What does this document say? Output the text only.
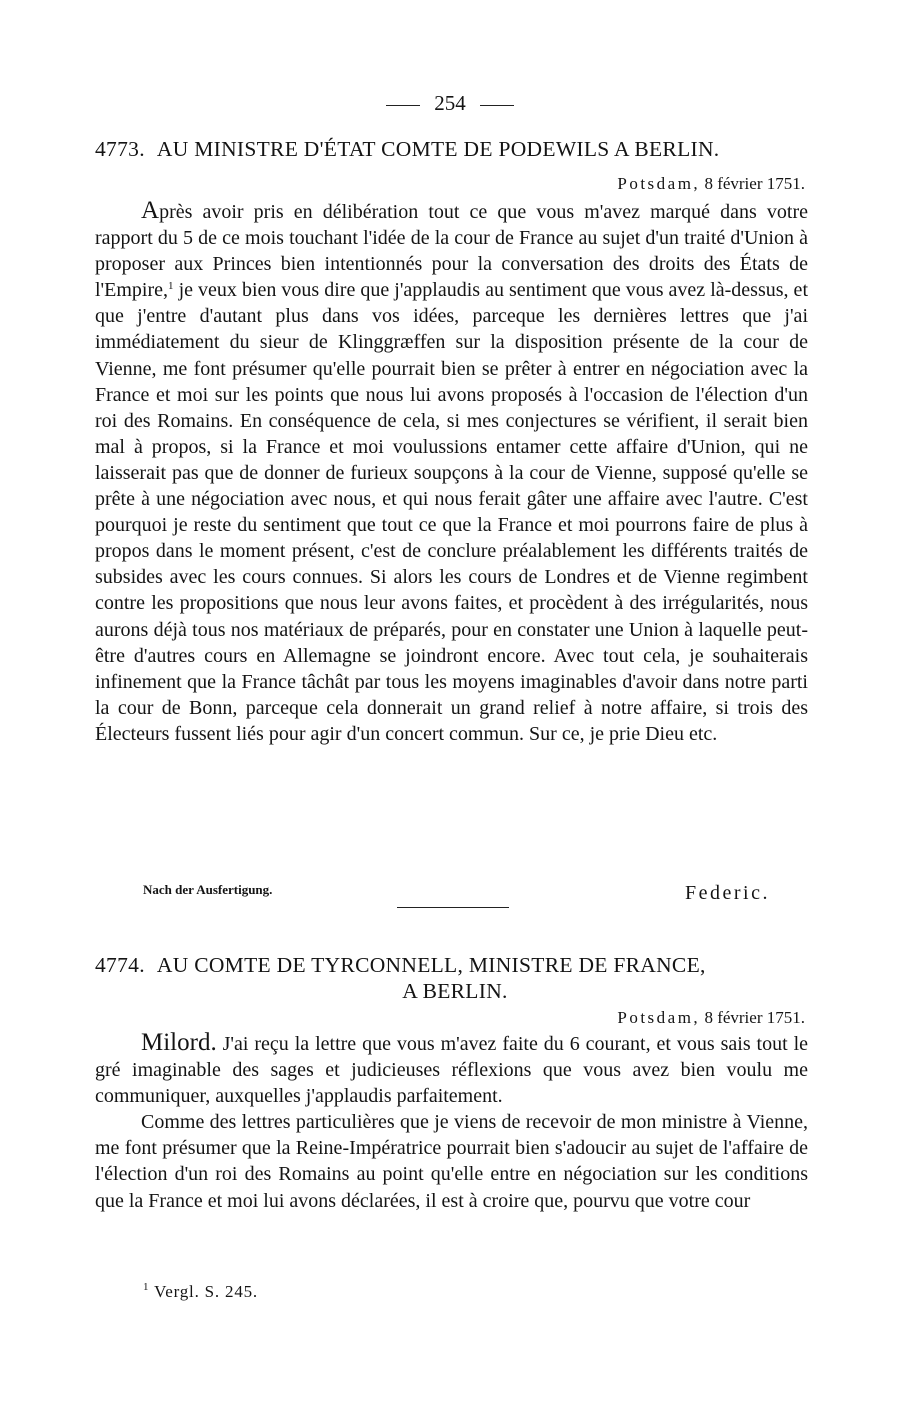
254
4773. AU MINISTRE D'ÉTAT COMTE DE PODEWILS A BERLIN.
Potsdam, 8 février 1751.

Après avoir pris en délibération tout ce que vous m'avez marqué dans votre rapport du 5 de ce mois touchant l'idée de la cour de France au sujet d'un traité d'Union à proposer aux Princes bien intentionnés pour la conversation des droits des États de l'Empire,$^1$ je veux bien vous dire que j'applaudis au sentiment que vous avez là-dessus, et que j'entre d'autant plus dans vos idées, parceque les dernières lettres que j'ai immédiatement du sieur de Klinggræffen sur la disposition présente de la cour de Vienne, me font présumer qu'elle pourrait bien se prêter à entrer en négociation avec la France et moi sur les points que nous lui avons proposés à l'occasion de l'élection d'un roi des Romains. En conséquence de cela, si mes conjectures se vérifient, il serait bien mal à propos, si la France et moi voulussions entamer cette affaire d'Union, qui ne laisserait pas que de donner de furieux soupçons à la cour de Vienne, supposé qu'elle se prête à une négociation avec nous, et qui nous ferait gâter une affaire avec l'autre. C'est pourquoi je reste du sentiment que tout ce que la France et moi pourrons faire de plus à propos dans le moment présent, c'est de conclure préalablement les différents traités de subsides avec les cours connues. Si alors les cours de Londres et de Vienne regimbent contre les propositions que nous leur avons faites, et procèdent à des irrégularités, nous aurons déjà tous nos matériaux de préparés, pour en constater une Union à laquelle peut-être d'autres cours en Allemagne se joindront encore. Avec tout cela, je souhaiterais infinement que la France tâchât par tous les moyens imaginables d'avoir dans notre parti la cour de Bonn, parceque cela donnerait un grand relief à notre affaire, si trois des Électeurs fussent liés pour agir d'un concert commun. Sur ce, je prie Dieu etc.

Nach der Ausfertigung.	Federic.
4774. AU COMTE DE TYRCONNELL, MINISTRE DE FRANCE,
A BERLIN.
Potsdam, 8 février 1751.

Milord. J'ai reçu la lettre que vous m'avez faite du 6 courant, et vous sais tout le gré imaginable des sages et judicieuses réflexions que vous avez bien voulu me communiquer, auxquelles j'applaudis parfaitement.

Comme des lettres particulières que je viens de recevoir de mon ministre à Vienne, me font présumer que la Reine-Impératrice pourrait bien s'adoucir au sujet de l'affaire de l'élection d'un roi des Romains au point qu'elle entre en négociation sur les conditions que la France et moi lui avons déclarées, il est à croire que, pourvu que votre cour

$^1$ Vergl. S. 245.
